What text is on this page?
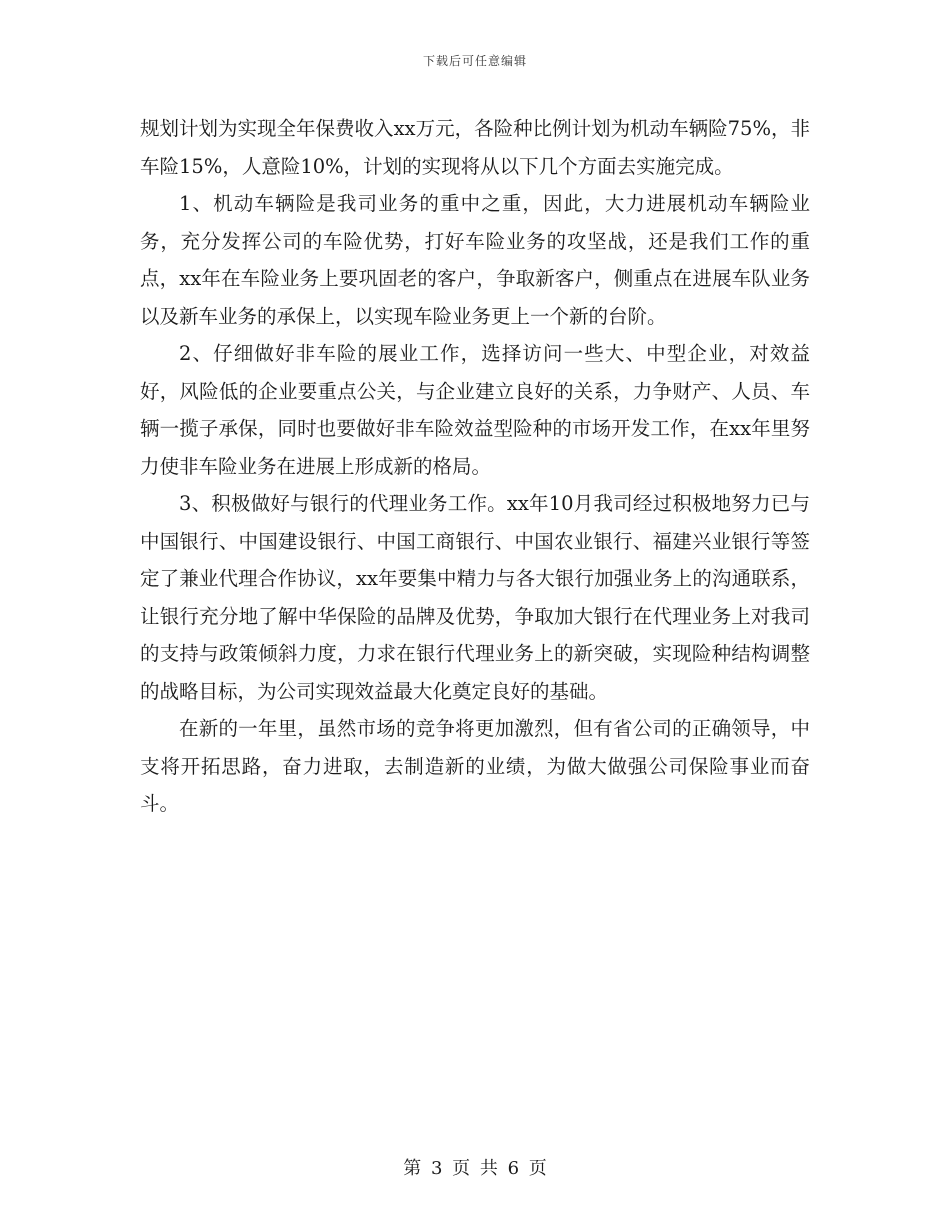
下载后可任意编辑

规划计划为实现全年保费收入xx万元，各险种比例计划为机动车辆险75%，非车险15%，人意险10%，计划的实现将从以下几个方面去实施完成。

1、机动车辆险是我司业务的重中之重，因此，大力进展机动车辆险业务，充分发挥公司的车险优势，打好车险业务的攻坚战，还是我们工作的重点，xx年在车险业务上要巩固老的客户，争取新客户，侧重点在进展车队业务以及新车业务的承保上，以实现车险业务更上一个新的台阶。

2、仔细做好非车险的展业工作，选择访问一些大、中型企业，对效益好，风险低的企业要重点公关，与企业建立良好的关系，力争财产、人员、车辆一揽子承保，同时也要做好非车险效益型险种的市场开发工作，在xx年里努力使非车险业务在进展上形成新的格局。

3、积极做好与银行的代理业务工作。xx年10月我司经过积极地努力已与中国银行、中国建设银行、中国工商银行、中国农业银行、福建兴业银行等签定了兼业代理合作协议，xx年要集中精力与各大银行加强业务上的沟通联系，让银行充分地了解中华保险的品牌及优势，争取加大银行在代理业务上对我司的支持与政策倾斜力度，力求在银行代理业务上的新突破，实现险种结构调整的战略目标，为公司实现效益最大化奠定良好的基础。

在新的一年里，虽然市场的竞争将更加激烈，但有省公司的正确领导，中支将开拓思路，奋力进取，去制造新的业绩，为做大做强公司保险事业而奋斗。

第 3 页 共 6 页
